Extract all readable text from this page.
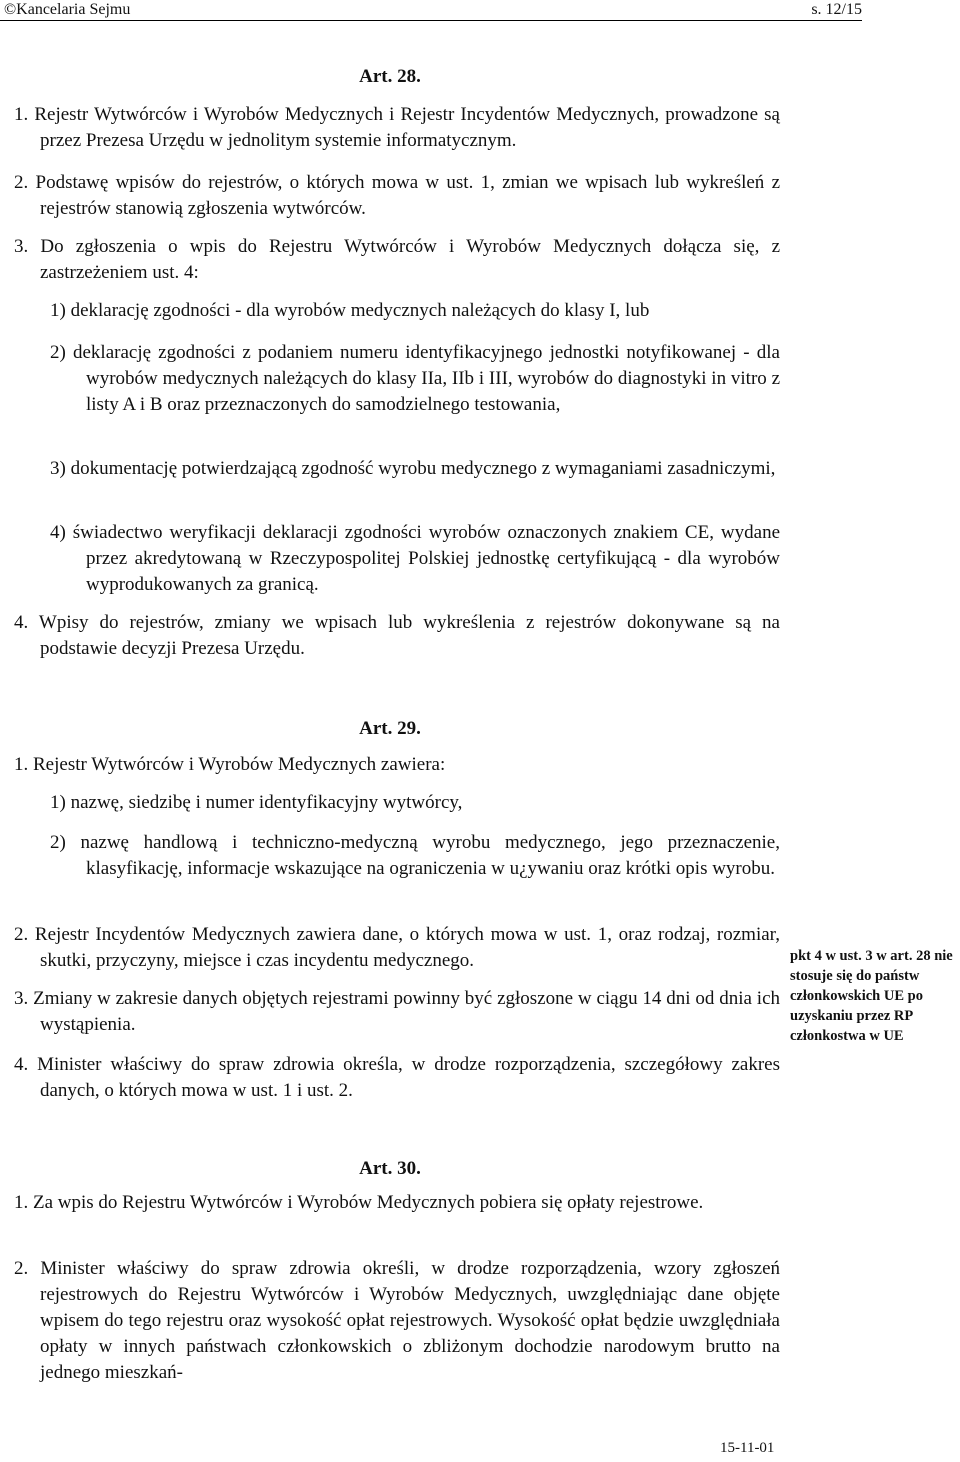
©Kancelaria Sejmu	s. 12/15
Art. 28.
1. Rejestr Wytwórców i Wyrobów Medycznych i Rejestr Incydentów Medycznych, prowadzone są przez Prezesa Urzędu w jednolitym systemie informatycznym.
2. Podstawę wpisów do rejestrów, o których mowa w ust. 1, zmian we wpisach lub wykreśleń z rejestrów stanowią zgłoszenia wytwórców.
3. Do zgłoszenia o wpis do Rejestru Wytwórców i Wyrobów Medycznych dołącza się, z zastrzeżeniem ust. 4:
1) deklarację zgodności - dla wyrobów medycznych należących do klasy I, lub
2) deklarację zgodności z podaniem numeru identyfikacyjnego jednostki notyfikowanej - dla wyrobów medycznych należących do klasy IIa, IIb i III, wyrobów do diagnostyki in vitro z listy A i B oraz przeznaczonych do samodzielnego testowania,
3) dokumentację potwierdzającą zgodność wyrobu medycznego z wymaganiami zasadniczymi,
4) świadectwo weryfikacji deklaracji zgodności wyrobów oznaczonych znakiem CE, wydane przez akredytowaną w Rzeczypospolitej Polskiej jednostkę certyfikującą - dla wyrobów wyprodukowanych za granicą.
4. Wpisy do rejestrów, zmiany we wpisach lub wykreślenia z rejestrów dokonywane są na podstawie decyzji Prezesa Urzędu.
Art. 29.
1. Rejestr Wytwórców i Wyrobów Medycznych zawiera:
1) nazwę, siedzibę i numer identyfikacyjny wytwórcy,
2) nazwę handlową i techniczno-medyczną wyrobu medycznego, jego przeznaczenie, klasyfikację, informacje wskazujące na ograniczenia w u¿ywaniu oraz krótki opis wyrobu.
2. Rejestr Incydentów Medycznych zawiera dane, o których mowa w ust. 1, oraz rodzaj, rozmiar, skutki, przyczyny, miejsce i czas incydentu medycznego.
3. Zmiany w zakresie danych objętych rejestrami powinny być zgłoszone w ciągu 14 dni od dnia ich wystąpienia.
4. Minister właściwy do spraw zdrowia określa, w drodze rozporządzenia, szczegółowy zakres danych, o których mowa w ust. 1 i ust. 2.
pkt 4 w ust. 3 w art. 28 nie stosuje się do państw członkowskich UE po uzyskaniu przez RP członkostwa w UE
Art. 30.
1. Za wpis do Rejestru Wytwórców i Wyrobów Medycznych pobiera się opłaty rejestrowe.
2. Minister właściwy do spraw zdrowia określi, w drodze rozporządzenia, wzory zgłoszeń rejestrowych do Rejestru Wytwórców i Wyrobów Medycznych, uwzględniając dane objęte wpisem do tego rejestru oraz wysokość opłat rejestrowych. Wysokość opłat będzie uwzględniała opłaty w innych państwach członkowskich o zbliżonym dochodzie narodowym brutto na jednego mieszkań-
15-11-01
